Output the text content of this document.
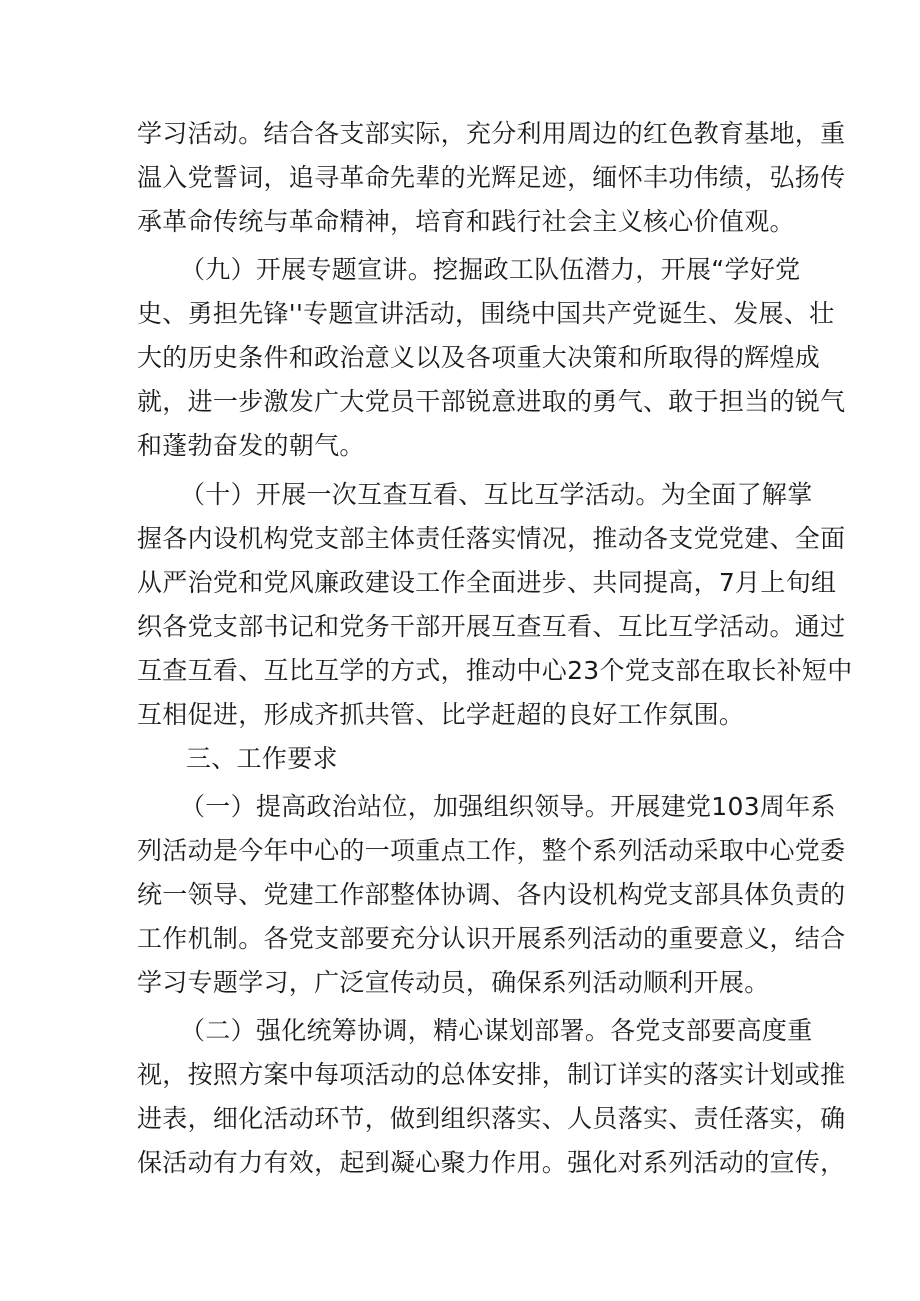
学习活动。结合各支部实际，充分利用周边的红色教育基地，重
温入党誓词，追寻革命先辈的光辉足迹，缅怀丰功伟绩，弘扬传
承革命传统与革命精神，培育和践行社会主义核心价值观。
（九）开展专题宣讲。挖掘政工队伍潜力，开展“学好党
史、勇担先锋''专题宣讲活动，围绕中国共产党诞生、发展、壮
大的历史条件和政治意义以及各项重大决策和所取得的辉煌成
就，进一步激发广大党员干部锐意进取的勇气、敢于担当的锐气
和蓬勃奋发的朝气。
（十）开展一次互查互看、互比互学活动。为全面了解掌
握各内设机构党支部主体责任落实情况，推动各支党党建、全面
从严治党和党风廉政建设工作全面进步、共同提高，7月上旬组
织各党支部书记和党务干部开展互查互看、互比互学活动。通过
互查互看、互比互学的方式，推动中心23个党支部在取长补短中
互相促进，形成齐抓共管、比学赶超的良好工作氛围。
三、工作要求
（一）提高政治站位，加强组织领导。开展建党103周年系
列活动是今年中心的一项重点工作，整个系列活动采取中心党委
统一领导、党建工作部整体协调、各内设机构党支部具体负责的
工作机制。各党支部要充分认识开展系列活动的重要意义，结合
学习专题学习，广泛宣传动员，确保系列活动顺利开展。
（二）强化统筹协调，精心谋划部署。各党支部要高度重
视，按照方案中每项活动的总体安排，制订详实的落实计划或推
进表，细化活动环节，做到组织落实、人员落实、责任落实，确
保活动有力有效，起到凝心聚力作用。强化对系列活动的宣传，
